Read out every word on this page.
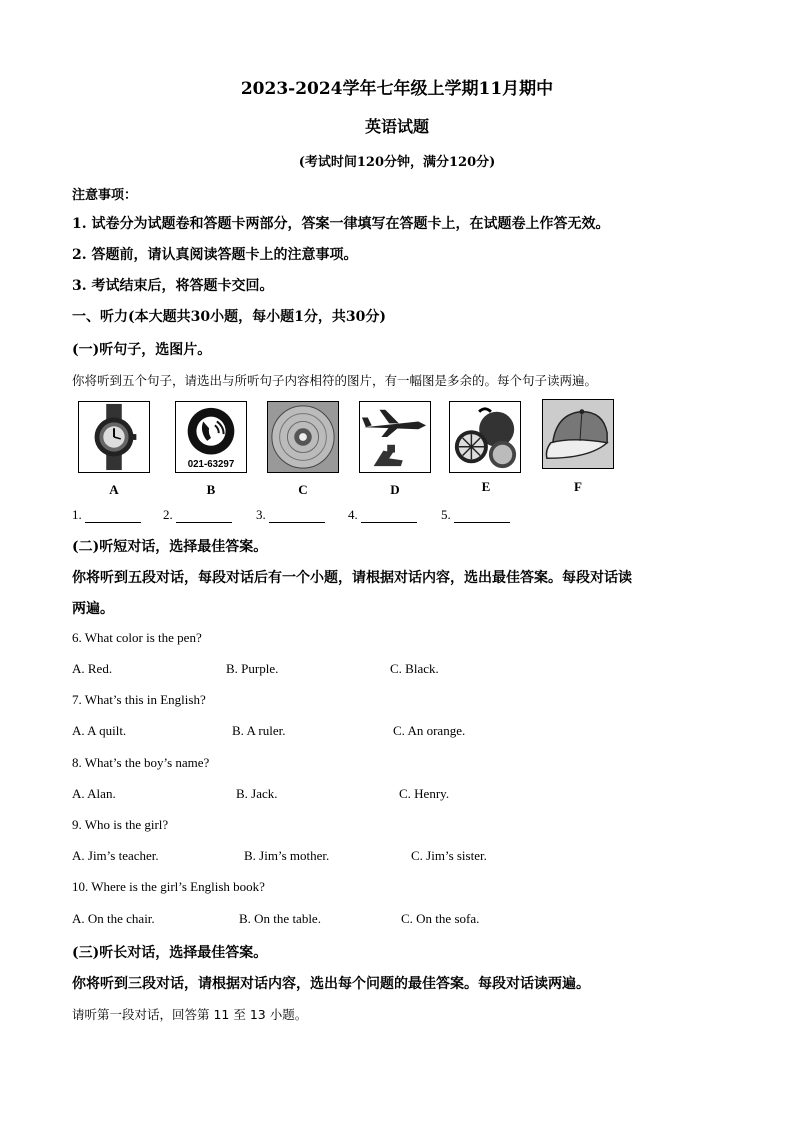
2023-2024学年七年级上学期11月期中
英语试题
(考试时间120分钟，满分120分)
注意事项：
1. 试卷分为试题卷和答题卡两部分，答案一律填写在答题卡上，在试题卷上作答无效。
2. 答题前，请认真阅读答题卡上的注意事项。
3. 考试结束后，将答题卡交回。
一、听力(本大题共30小题，每小题1分，共30分)
(一)听句子，选图片。
你将听到五个句子，请选出与所听句子内容相符的图片，有一幅图是多余的。每个句子读两遍。
021-63297
A	B	C	D	E	F
1.	2.	3.	4.	5.
(二)听短对话，选择最佳答案。
你将听到五段对话，每段对话后有一个小题，请根据对话内容，选出最佳答案。每段对话读
两遍。
6. What color is the pen?
A. Red.	B. Purple.	C. Black.
7. What’s this in English?
A. A quilt.	B. A ruler.	C. An orange.
8. What’s the boy’s name?
A. Alan.	B. Jack.	C. Henry.
9. Who is the girl?
A. Jim’s teacher.	B. Jim’s mother.	C. Jim’s sister.
10. Where is the girl’s English book?
A. On the chair.	B. On the table.	C. On the sofa.
(三)听长对话，选择最佳答案。
你将听到三段对话，请根据对话内容，选出每个问题的最佳答案。每段对话读两遍。
请听第一段对话，回答第 11 至 13 小题。
